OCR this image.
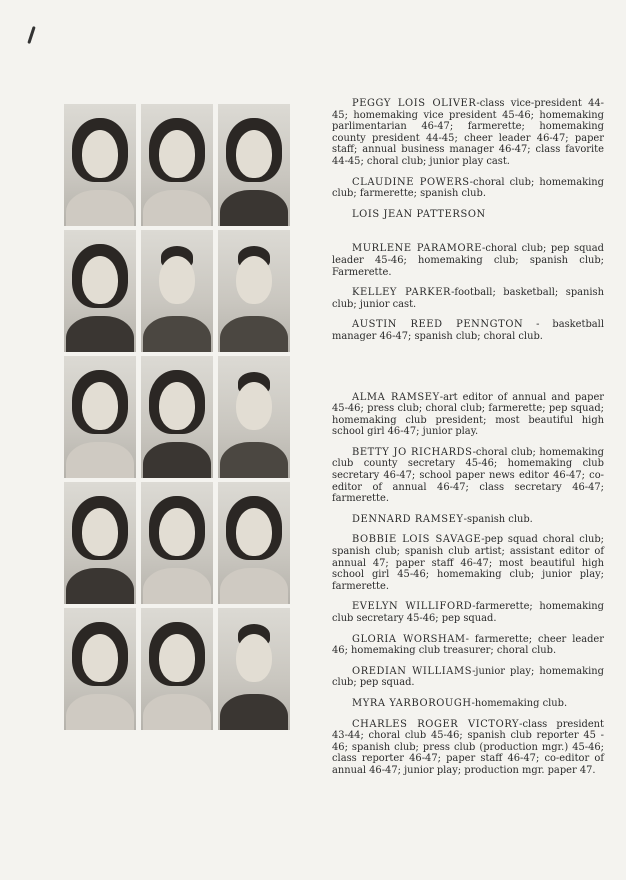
PEGGY LOIS OLIVER-class vice-president 44-45; homemaking vice president 45-46; homemaking parlimentarian 46-47; farmerette; homemaking county president 44-45; cheer leader 46-47; paper staff; annual business manager 46-47; class favorite 44-45; choral club; junior play cast.

CLAUDINE POWERS-choral club; homemaking club; farmerette; spanish club.

LOIS JEAN PATTERSON

MURLENE PARAMORE-choral club; pep squad leader 45-46; homemaking club; spanish club; Farmerette.

KELLEY PARKER-football; basketball; spanish club; junior cast.

AUSTIN REED PENNGTON - basketball manager 46-47; spanish club; choral club.

ALMA RAMSEY-art editor of annual and paper 45-46; press club; choral club; farmerette; pep squad; homemaking club president; most beautiful high school girl 46-47; junior play.

BETTY JO RICHARDS-choral club; homemaking club county secretary 45-46; homemaking club secretary 46-47; school paper news editor 46-47; co-editor of annual 46-47; class secretary 46-47; farmerette.

DENNARD RAMSEY-spanish club.

BOBBIE LOIS SAVAGE-pep squad choral club; spanish club; spanish club artist; assistant editor of annual 47; paper staff 46-47; most beautiful high school girl 45-46; homemaking club; junior play; farmerette.

EVELYN WILLIFORD-farmerette; homemaking club secretary 45-46; pep squad.

GLORIA WORSHAM- farmerette; cheer leader 46; homemaking club treasurer; choral club.

OREDIAN WILLIAMS-junior play; homemaking club; pep squad.

MYRA YARBOROUGH-homemaking club.

CHARLES ROGER VICTORY-class president 43-44; choral club 45-46; spanish club reporter 45 - 46; spanish club; press club (production mgr.) 45-46; class reporter 46-47; paper staff 46-47; co-editor of annual 46-47; junior play; production mgr. paper 47.
